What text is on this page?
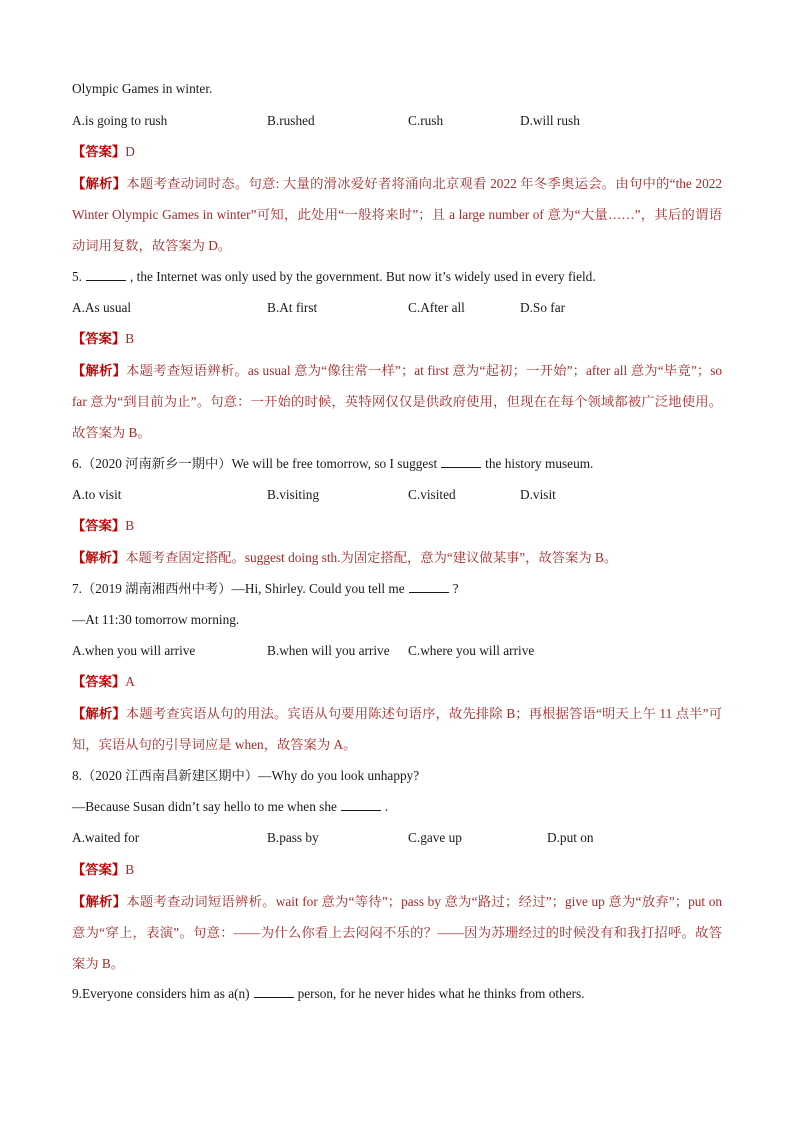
Olympic Games in winter.
A.is going to rush	B.rushed	C.rush	D.will rush
【答案】D
【解析】本题考查动词时态。句意: 大量的滑冰爱好者将涌向北京观看 2022 年冬季奥运会。由句中的“the 2022 Winter Olympic Games in winter”可知，此处用“一般将来时”；且 a large number of 意为“大量……”，其后的谓语动词用复数，故答案为 D。
5.	, the Internet was only used by the government. But now it’s widely used in every field.
A.As usual	B.At first	C.After all	D.So far
【答案】B
【解析】本题考查短语辨析。as usual 意为“像往常一样”；at first 意为“起初；一开始”；after all 意为“毕竟”；so far 意为“到目前为止”。句意：一开始的时候，英特网仅仅是供政府使用，但现在在每个领域都被广泛地使用。故答案为 B。
6.（2020 河南新乡一期中）We will be free tomorrow, so I suggest	the history museum.
A.to visit	B.visiting	C.visited	D.visit
【答案】B
【解析】本题考查固定搭配。suggest doing sth.为固定搭配，意为“建议做某事”，故答案为 B。
7.（2019 湖南湘西州中考）—Hi, Shirley. Could you tell me	?
—At 11:30 tomorrow morning.
A.when you will arrive	B.when will you arrive C.where you will arrive
【答案】A
【解析】本题考查宾语从句的用法。宾语从句要用陈述句语序，故先排除 B；再根据答语“明天上午 11 点半”可知，宾语从句的引导词应是 when，故答案为 A。
8.（2020 江西南昌新建区期中）—Why do you look unhappy?
—Because Susan didn’t say hello to me when she	.
A.waited for	B.pass by	C.gave up	D.put on
【答案】B
【解析】本题考查动词短语辨析。wait for 意为“等待”；pass by 意为“路过；经过”；give up 意为“放弃”；put on 意为“穿上，表演”。句意：——为什么你看上去闷闷不乐的？——因为苏珊经过的时候没有和我打招呼。故答案为 B。
9.Everyone considers him as a(n)	person, for he never hides what he thinks from others.
